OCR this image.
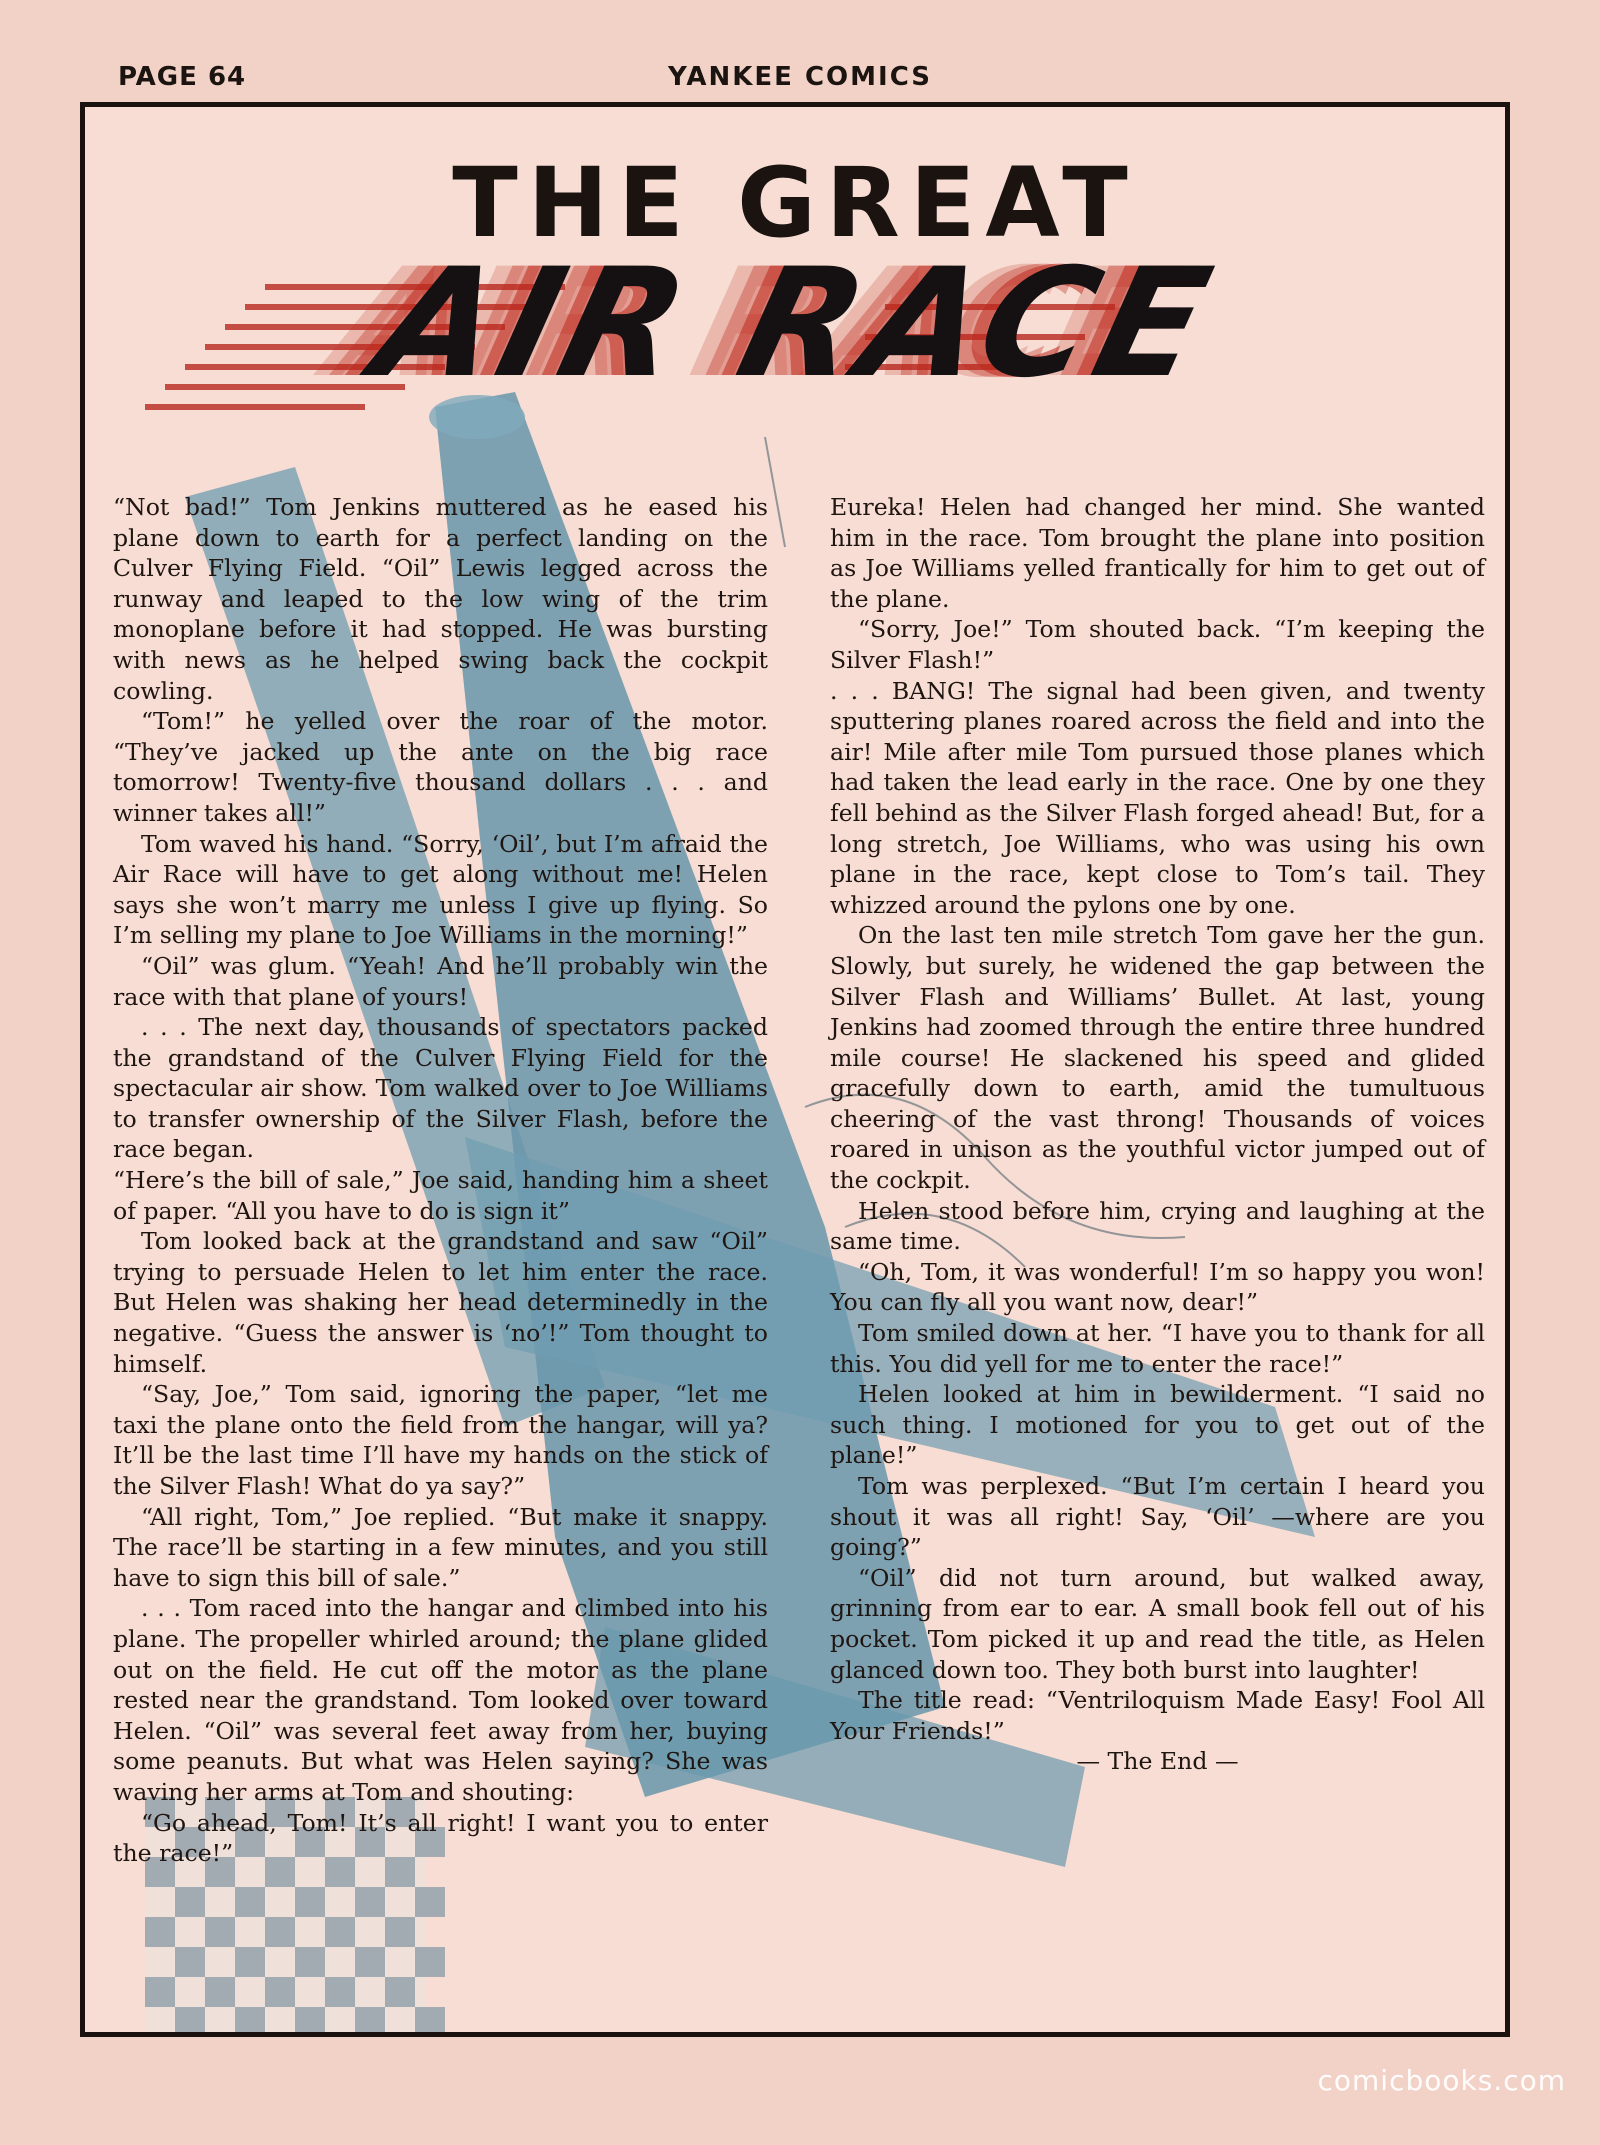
PAGE 64	YANKEE COMICS
THE GREAT
AIR RACE

“Not bad!” Tom Jenkins muttered as he eased his plane down to earth for a perfect landing on the Culver Flying Field. “Oil” Lewis legged across the runway and leaped to the low wing of the trim monoplane before it had stopped. He was bursting with news as he helped swing back the cockpit cowling.

“Tom!” he yelled over the roar of the motor. “They’ve jacked up the ante on the big race tomorrow! Twenty-five thousand dollars . . . and winner takes all!”

Tom waved his hand. “Sorry, ‘Oil’, but I’m afraid the Air Race will have to get along without me! Helen says she won’t marry me unless I give up flying. So I’m selling my plane to Joe Williams in the morning!”

“Oil” was glum. “Yeah! And he’ll probably win the race with that plane of yours!

. . . The next day, thousands of spectators packed the grandstand of the Culver Flying Field for the spectacular air show. Tom walked over to Joe Williams to transfer ownership of the Silver Flash, before the race began.

“Here’s the bill of sale,” Joe said, handing him a sheet of paper. “All you have to do is sign it”

Tom looked back at the grandstand and saw “Oil” trying to persuade Helen to let him enter the race. But Helen was shaking her head determinedly in the negative. “Guess the answer is ‘no’!” Tom thought to himself.

“Say, Joe,” Tom said, ignoring the paper, “let me taxi the plane onto the field from the hangar, will ya? It’ll be the last time I’ll have my hands on the stick of the Silver Flash! What do ya say?”

“All right, Tom,” Joe replied. “But make it snappy. The race’ll be starting in a few minutes, and you still have to sign this bill of sale.”

. . . Tom raced into the hangar and climbed into his plane. The propeller whirled around; the plane glided out on the field. He cut off the motor as the plane rested near the grandstand. Tom looked over toward Helen. “Oil” was several feet away from her, buying some peanuts. But what was Helen saying? She was waving her arms at Tom and shouting:

“Go ahead, Tom! It’s all right! I want you to enter the race!”

Eureka! Helen had changed her mind. She wanted him in the race. Tom brought the plane into position as Joe Williams yelled frantically for him to get out of the plane.

“Sorry, Joe!” Tom shouted back. “I’m keeping the Silver Flash!”

. . . BANG! The signal had been given, and twenty sputtering planes roared across the field and into the air! Mile after mile Tom pursued those planes which had taken the lead early in the race. One by one they fell behind as the Silver Flash forged ahead! But, for a long stretch, Joe Williams, who was using his own plane in the race, kept close to Tom’s tail. They whizzed around the pylons one by one.

On the last ten mile stretch Tom gave her the gun. Slowly, but surely, he widened the gap between the Silver Flash and Williams’ Bullet. At last, young Jenkins had zoomed through the entire three hundred mile course! He slackened his speed and glided gracefully down to earth, amid the tumultuous cheering of the vast throng! Thousands of voices roared in unison as the youthful victor jumped out of the cockpit.

Helen stood before him, crying and laughing at the same time.

“Oh, Tom, it was wonderful! I’m so happy you won! You can fly all you want now, dear!”

Tom smiled down at her. “I have you to thank for all this. You did yell for me to enter the race!”

Helen looked at him in bewilderment. “I said no such thing. I motioned for you to get out of the plane!”

Tom was perplexed. “But I’m certain I heard you shout it was all right! Say, ‘Oil’ —where are you going?”

“Oil” did not turn around, but walked away, grinning from ear to ear. A small book fell out of his pocket. Tom picked it up and read the title, as Helen glanced down too. They both burst into laughter!

The title read: “Ventriloquism Made Easy! Fool All Your Friends!”

— The End —

comicbooks.com
